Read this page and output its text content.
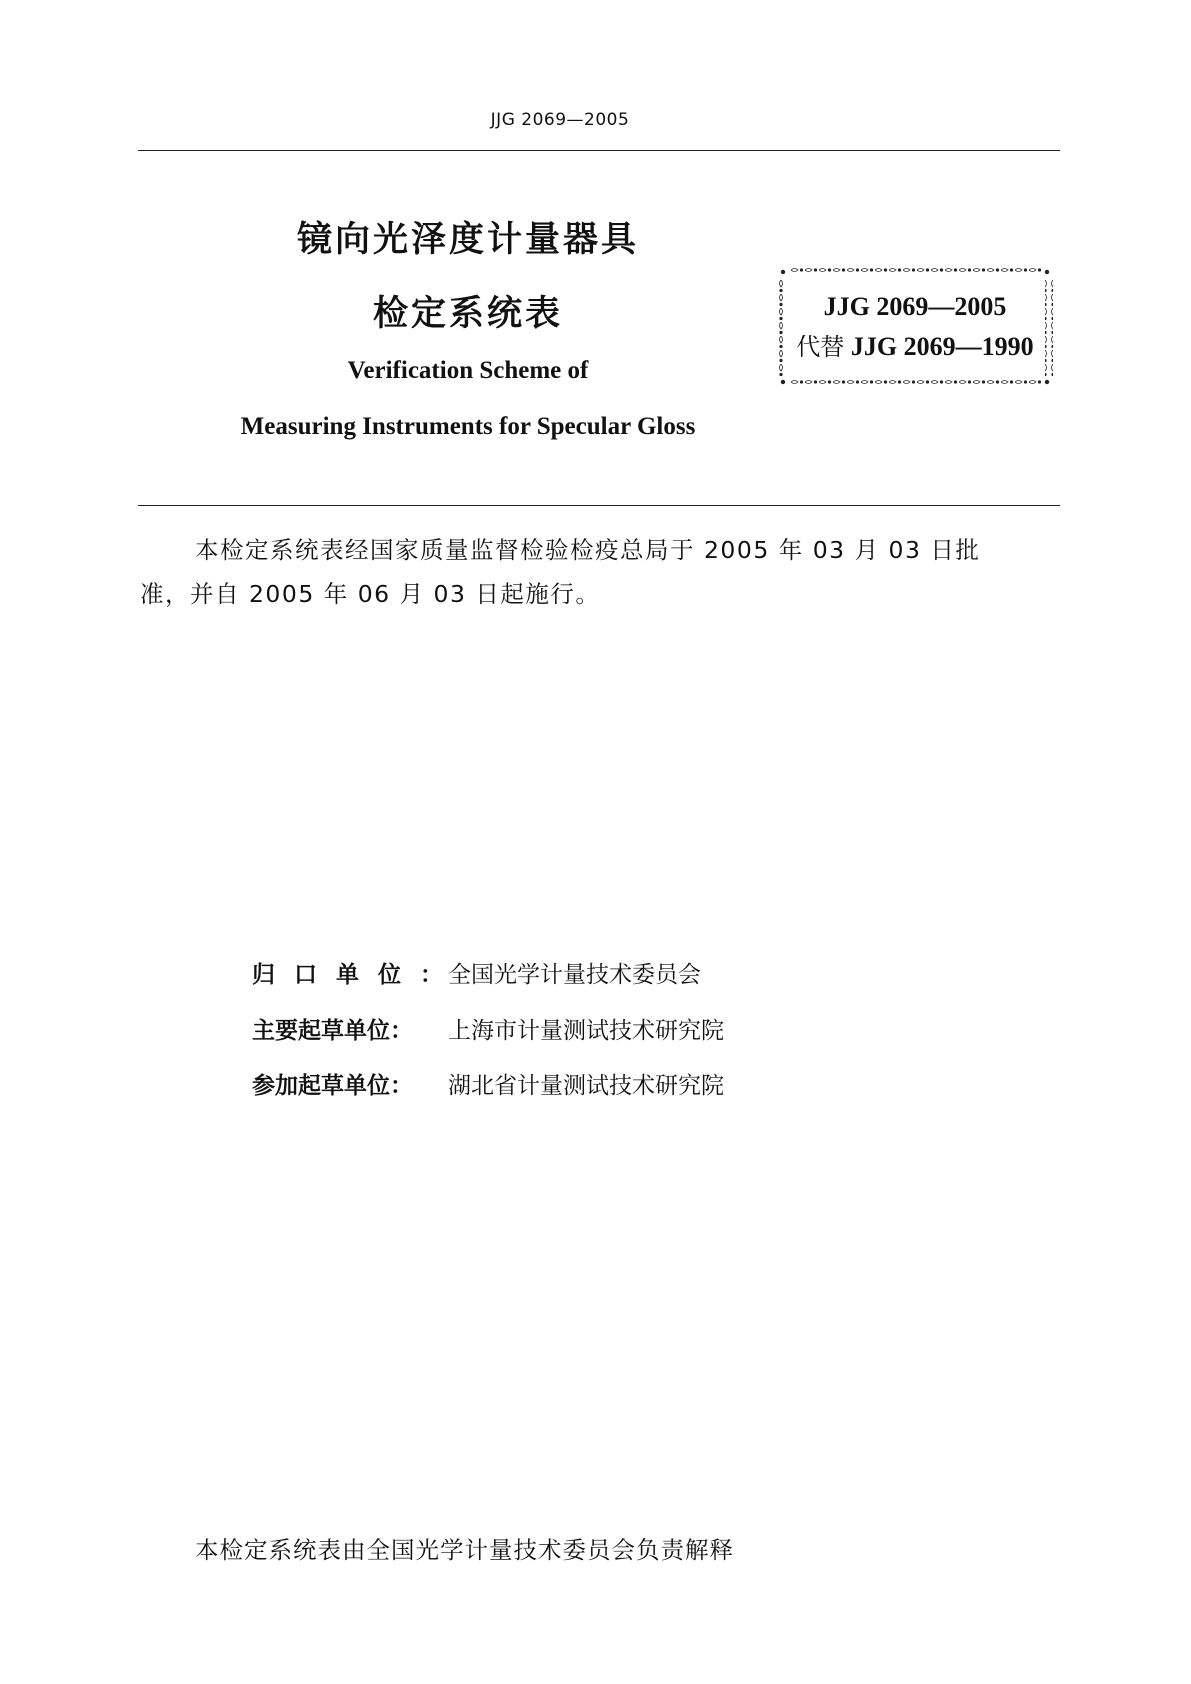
JJG 2069—2005
镜向光泽度计量器具
检定系统表
Verification Scheme of
Measuring Instruments for Specular Gloss
JJG 2069—2005
代替 JJG 2069—1990
本检定系统表经国家质量监督检验检疫总局于 2005 年 03 月 03 日批
准，并自 2005 年 06 月 03 日起施行。
归口单位：全国光学计量技术委员会
主要起草单位： 上海市计量测试技术研究院
参加起草单位： 湖北省计量测试技术研究院
本检定系统表由全国光学计量技术委员会负责解释
